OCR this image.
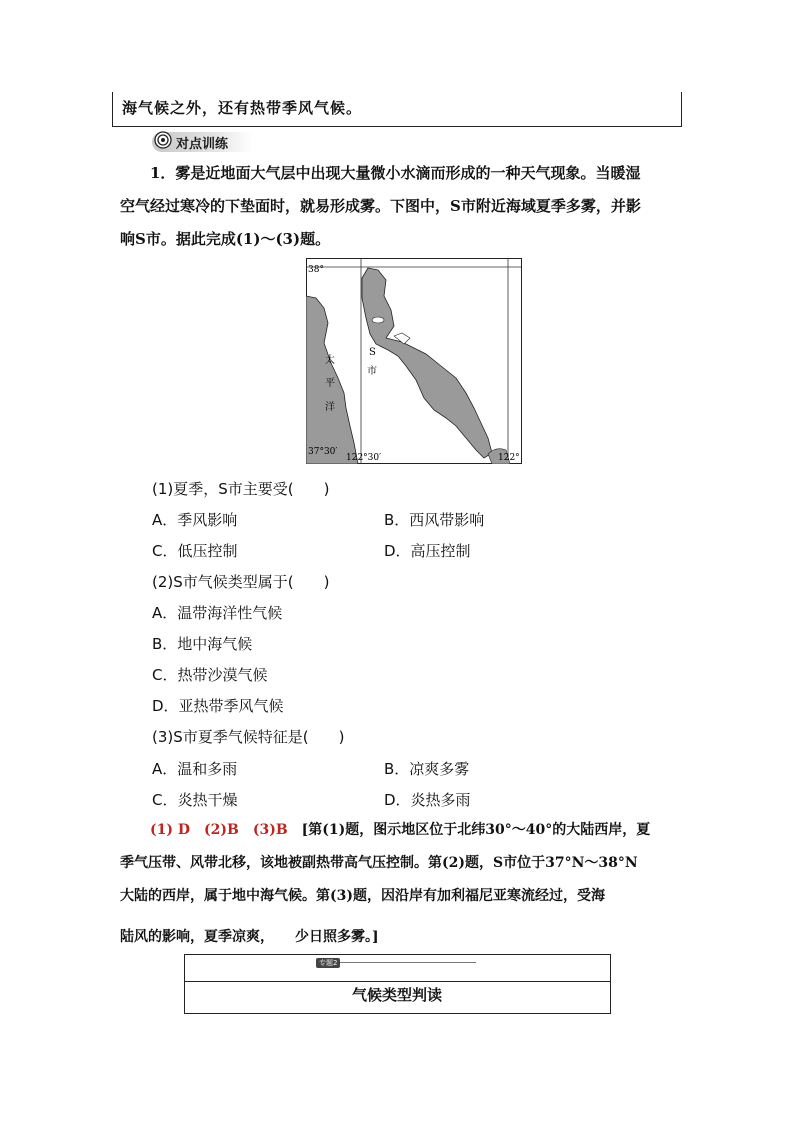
海气候之外，还有热带季风气候。
对点训练
1．雾是近地面大气层中出现大量微小水滴而形成的一种天气现象。当暖湿
空气经过寒冷的下垫面时，就易形成雾。下图中，S市附近海域夏季多雾，并影
响S市。据此完成(1)～(3)题。
38°
37°30′
122°30′	122°
太
平
洋
S
市
(1)夏季，S市主要受(　　)
A．季风影响	B．西风带影响
C．低压控制	D．高压控制
(2)S市气候类型属于(　　)
A．温带海洋性气候
B．地中海气候
C．热带沙漠气候
D．亚热带季风气候
(3)S市夏季气候特征是(　　)
A．温和多雨	B．凉爽多雾
C．炎热干燥	D．炎热多雨
(1) D　(2)B　(3)B　[第(1)题，图示地区位于北纬30°～40°的大陆西岸，夏
季气压带、风带北移，该地被副热带高气压控制。第(2)题，S市位于37°N～38°N
大陆的西岸，属于地中海气候。第(3)题，因沿岸有加利福尼亚寒流经过，受海
陆风的影响，夏季凉爽，　　少日照多雾。]
专题2
气候类型判读
